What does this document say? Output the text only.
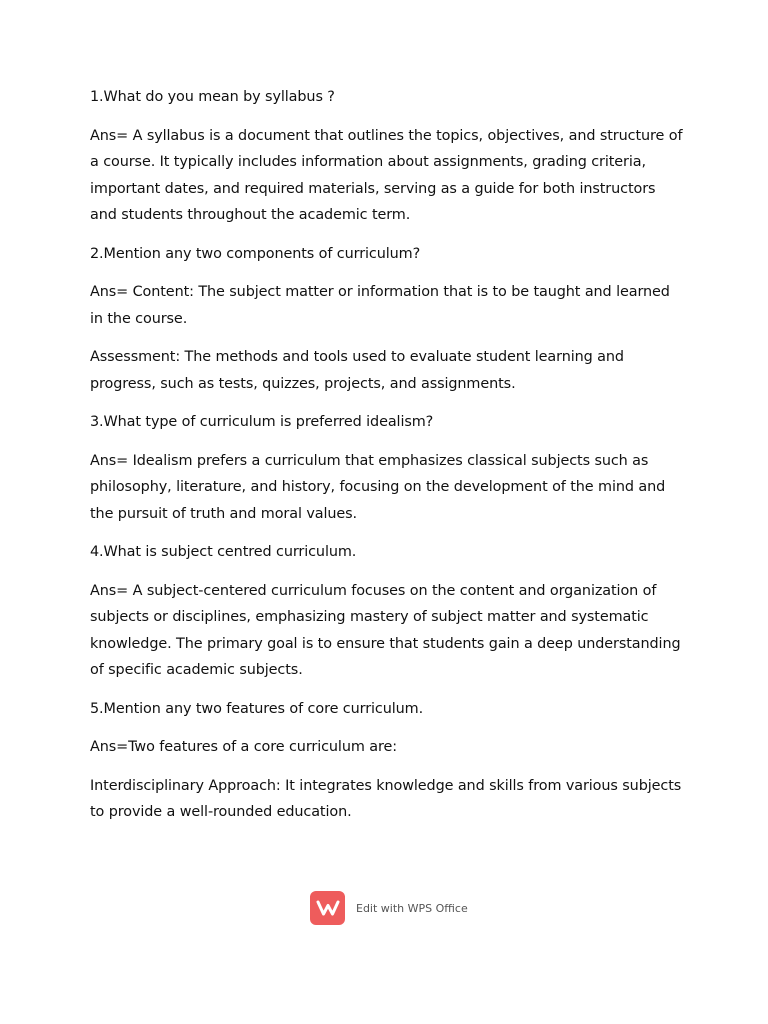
1.What do you mean by syllabus ?

Ans= A syllabus is a document that outlines the topics, objectives, and structure of a course. It typically includes information about assignments, grading criteria, important dates, and required materials, serving as a guide for both instructors and students throughout the academic term.

2.Mention any two components of curriculum?

Ans= Content: The subject matter or information that is to be taught and learned in the course.

Assessment: The methods and tools used to evaluate student learning and progress, such as tests, quizzes, projects, and assignments.

3.What type of curriculum is preferred idealism?

Ans= Idealism prefers a curriculum that emphasizes classical subjects such as philosophy, literature, and history, focusing on the development of the mind and the pursuit of truth and moral values.

4.What is subject centred curriculum.

Ans= A subject-centered curriculum focuses on the content and organization of subjects or disciplines, emphasizing mastery of subject matter and systematic knowledge. The primary goal is to ensure that students gain a deep understanding of specific academic subjects.

5.Mention any two features of core curriculum.

Ans=Two features of a core curriculum are:

Interdisciplinary Approach: It integrates knowledge and skills from various subjects to provide a well-rounded education.

Edit with WPS Office
